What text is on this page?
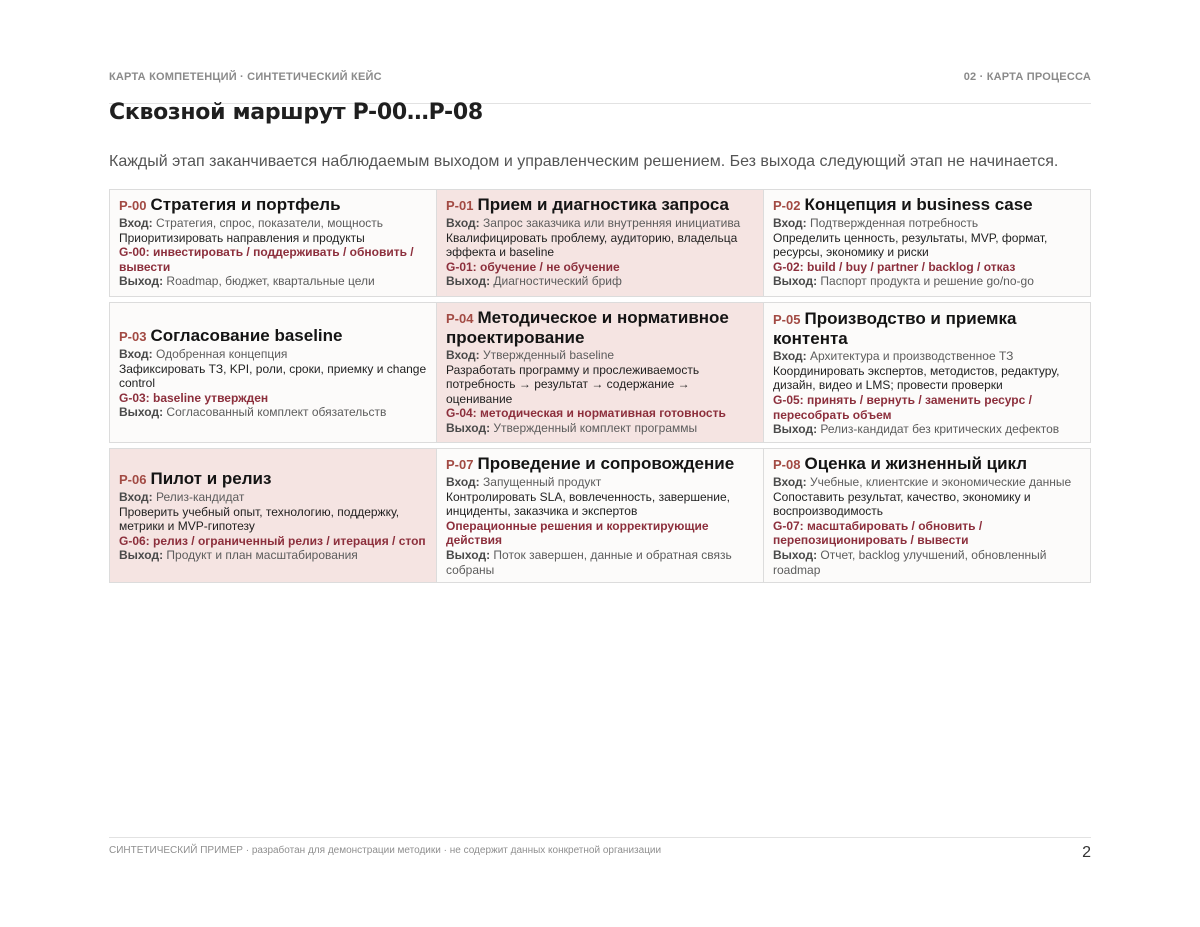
КАРТА КОМПЕТЕНЦИЙ · СИНТЕТИЧЕСКИЙ КЕЙС	02 · КАРТА ПРОЦЕССА
Сквозной маршрут P-00…P-08
Каждый этап заканчивается наблюдаемым выходом и управленческим решением. Без выхода следующий этап не начинается.
P-00 Стратегия и портфель
Вход: Стратегия, спрос, показатели, мощность
Приоритизировать направления и продукты
G-00: инвестировать / поддерживать / обновить / вывести
Выход: Roadmap, бюджет, квартальные цели
P-01 Прием и диагностика запроса
Вход: Запрос заказчика или внутренняя инициатива
Квалифицировать проблему, аудиторию, владельца эффекта и baseline
G-01: обучение / не обучение
Выход: Диагностический бриф
P-02 Концепция и business case
Вход: Подтвержденная потребность
Определить ценность, результаты, MVP, формат, ресурсы, экономику и риски
G-02: build / buy / partner / backlog / отказ
Выход: Паспорт продукта и решение go/no-go
P-03 Согласование baseline
Вход: Одобренная концепция
Зафиксировать ТЗ, KPI, роли, сроки, приемку и change control
G-03: baseline утвержден
Выход: Согласованный комплект обязательств
P-04 Методическое и нормативное проектирование
Вход: Утвержденный baseline
Разработать программу и прослеживаемость потребность → результат → содержание → оценивание
G-04: методическая и нормативная готовность
Выход: Утвержденный комплект программы
P-05 Производство и приемка контента
Вход: Архитектура и производственное ТЗ
Координировать экспертов, методистов, редактуру, дизайн, видео и LMS; провести проверки
G-05: принять / вернуть / заменить ресурс / пересобрать объем
Выход: Релиз-кандидат без критических дефектов
P-06 Пилот и релиз
Вход: Релиз-кандидат
Проверить учебный опыт, технологию, поддержку, метрики и MVP-гипотезу
G-06: релиз / ограниченный релиз / итерация / стоп
Выход: Продукт и план масштабирования
P-07 Проведение и сопровождение
Вход: Запущенный продукт
Контролировать SLA, вовлеченность, завершение, инциденты, заказчика и экспертов
Операционные решения и корректирующие действия
Выход: Поток завершен, данные и обратная связь собраны
P-08 Оценка и жизненный цикл
Вход: Учебные, клиентские и экономические данные
Сопоставить результат, качество, экономику и воспроизводимость
G-07: масштабировать / обновить / перепозиционировать / вывести
Выход: Отчет, backlog улучшений, обновленный roadmap
СИНТЕТИЧЕСКИЙ ПРИМЕР · разработан для демонстрации методики · не содержит данных конкретной организации	2
